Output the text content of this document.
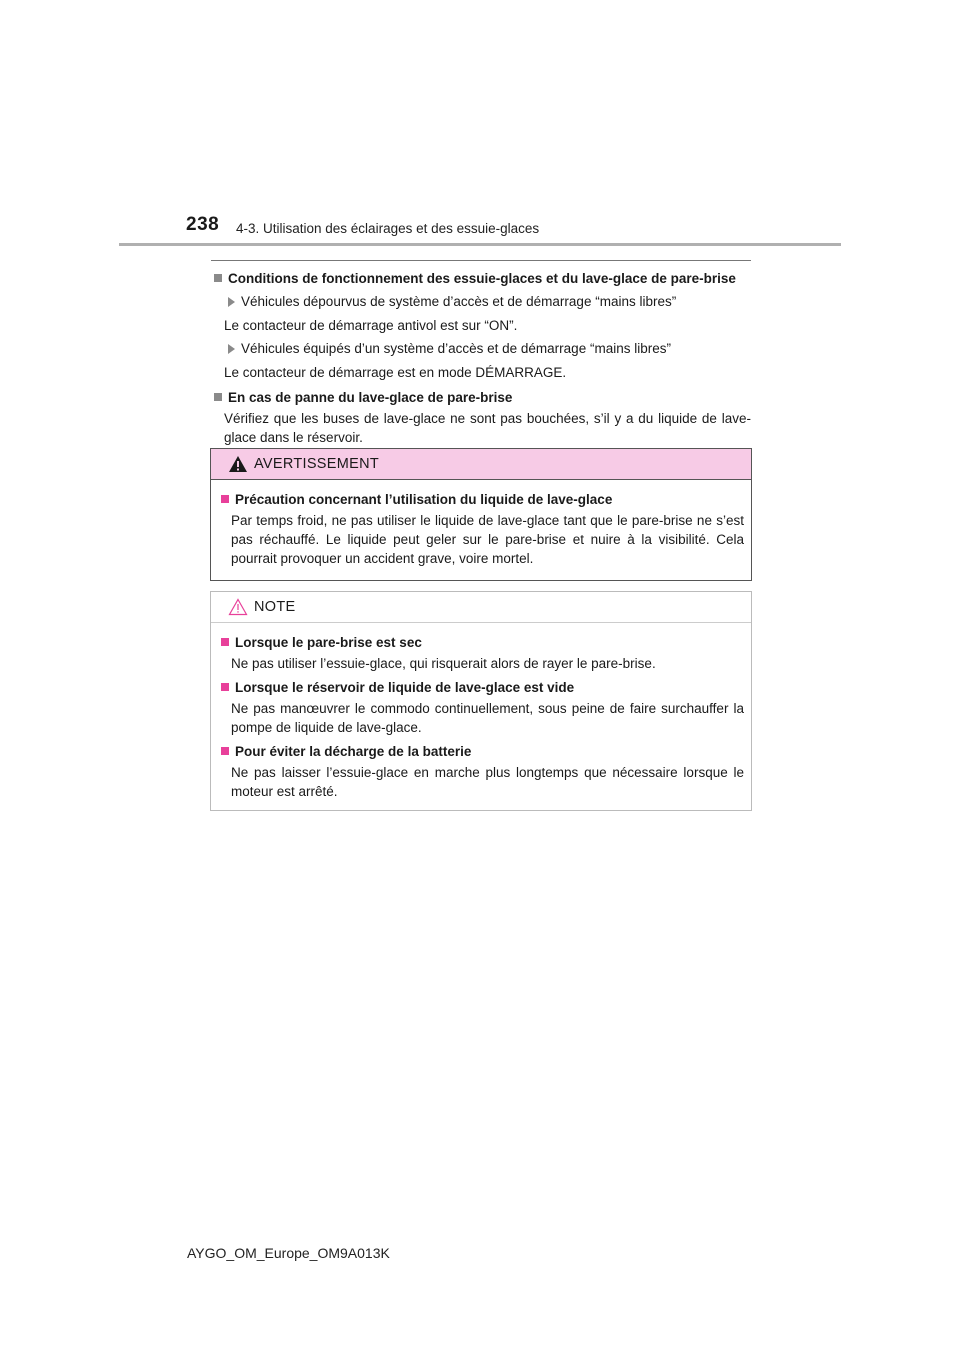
238 4-3. Utilisation des éclairages et des essuie-glaces
Conditions de fonctionnement des essuie-glaces et du lave-glace de pare-brise
Véhicules dépourvus de système d’accès et de démarrage “mains libres”
Le contacteur de démarrage antivol est sur “ON”.
Véhicules équipés d’un système d’accès et de démarrage “mains libres”
Le contacteur de démarrage est en mode DÉMARRAGE.
En cas de panne du lave-glace de pare-brise
Vérifiez que les buses de lave-glace ne sont pas bouchées, s’il y a du liquide de lave-glace dans le réservoir.
AVERTISSEMENT
Précaution concernant l’utilisation du liquide de lave-glace
Par temps froid, ne pas utiliser le liquide de lave-glace tant que le pare-brise ne s’est pas réchauffé. Le liquide peut geler sur le pare-brise et nuire à la visibilité. Cela pourrait provoquer un accident grave, voire mortel.
NOTE
Lorsque le pare-brise est sec
Ne pas utiliser l’essuie-glace, qui risquerait alors de rayer le pare-brise.
Lorsque le réservoir de liquide de lave-glace est vide
Ne pas manœuvrer le commodo continuellement, sous peine de faire surchauffer la pompe de liquide de lave-glace.
Pour éviter la décharge de la batterie
Ne pas laisser l’essuie-glace en marche plus longtemps que nécessaire lorsque le moteur est arrêté.
AYGO_OM_Europe_OM9A013K
